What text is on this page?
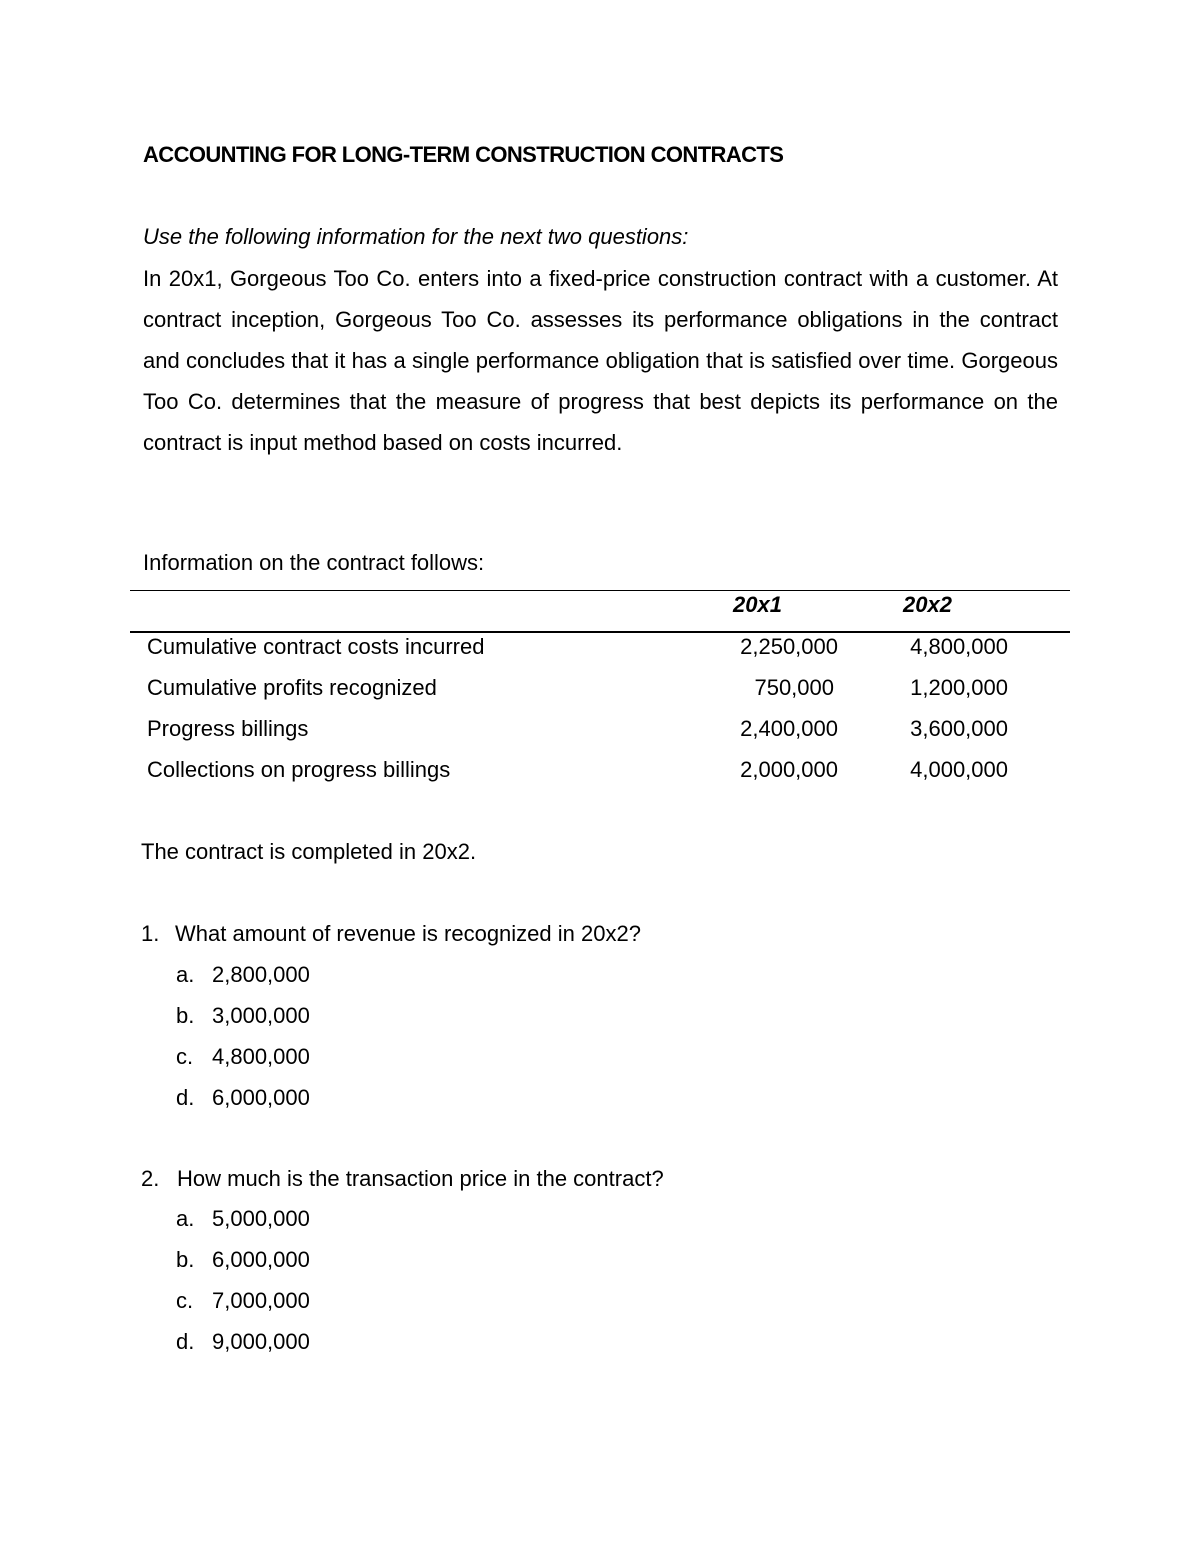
ACCOUNTING FOR LONG-TERM CONSTRUCTION CONTRACTS
Use the following information for the next two questions:
In 20x1, Gorgeous Too Co. enters into a fixed-price construction contract with a customer. At contract inception, Gorgeous Too Co. assesses its performance obligations in the contract and concludes that it has a single performance obligation that is satisfied over time. Gorgeous Too Co. determines that the measure of progress that best depicts its performance on the contract is input method based on costs incurred.
Information on the contract follows:
20x1	20x2
Cumulative contract costs incurred	2,250,000	4,800,000
Cumulative profits recognized	750,000	1,200,000
Progress billings	2,400,000	3,600,000
Collections on progress billings	2,000,000	4,000,000
The contract is completed in 20x2.
1. What amount of revenue is recognized in 20x2?
a. 2,800,000
b. 3,000,000
c. 4,800,000
d. 6,000,000
2. How much is the transaction price in the contract?
a. 5,000,000
b. 6,000,000
c. 7,000,000
d. 9,000,000
